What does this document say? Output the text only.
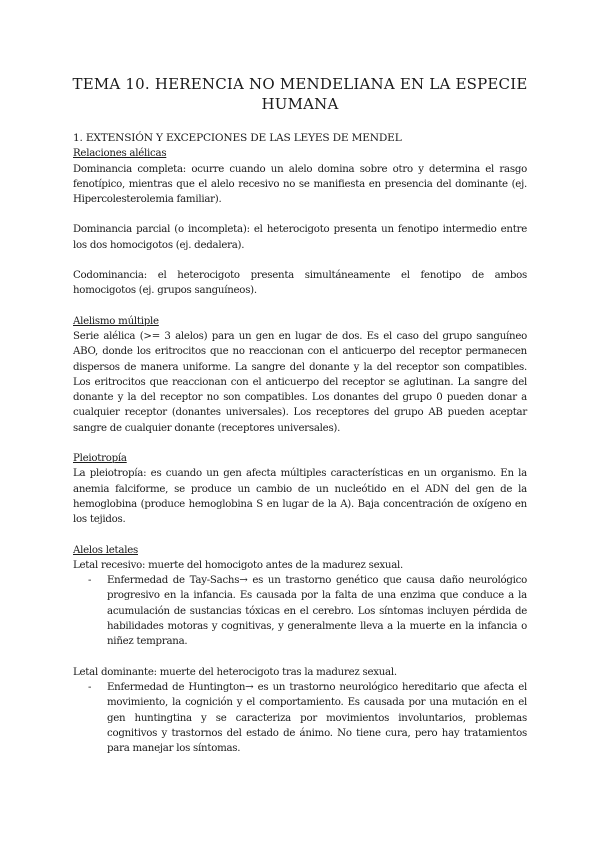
TEMA 10. HERENCIA NO MENDELIANA EN LA ESPECIE HUMANA

1. EXTENSIÓN Y EXCEPCIONES DE LAS LEYES DE MENDEL

Relaciones alélicas

Dominancia completa: ocurre cuando un alelo domina sobre otro y determina el rasgo fenotípico, mientras que el alelo recesivo no se manifiesta en presencia del dominante (ej. Hipercolesterolemia familiar).

Dominancia parcial (o incompleta): el heterocigoto presenta un fenotipo intermedio entre los dos homocigotos (ej. dedalera).

Codominancia: el heterocigoto presenta simultáneamente el fenotipo de ambos homocigotos (ej. grupos sanguíneos).

Alelismo múltiple

Serie alélica (>= 3 alelos) para un gen en lugar de dos. Es el caso del grupo sanguíneo ABO, donde los eritrocitos que no reaccionan con el anticuerpo del receptor permanecen dispersos de manera uniforme. La sangre del donante y la del receptor son compatibles. Los eritrocitos que reaccionan con el anticuerpo del receptor se aglutinan. La sangre del donante y la del receptor no son compatibles. Los donantes del grupo 0 pueden donar a cualquier receptor (donantes universales). Los receptores del grupo AB pueden aceptar sangre de cualquier donante (receptores universales).

Pleiotropía

La pleiotropía: es cuando un gen afecta múltiples características en un organismo. En la anemia falciforme, se produce un cambio de un nucleótido en el ADN del gen de la hemoglobina (produce hemoglobina S en lugar de la A). Baja concentración de oxígeno en los tejidos.

Alelos letales

Letal recesivo: muerte del homocigoto antes de la madurez sexual.

- Enfermedad de Tay-Sachs→ es un trastorno genético que causa daño neurológico progresivo en la infancia. Es causada por la falta de una enzima que conduce a la acumulación de sustancias tóxicas en el cerebro. Los síntomas incluyen pérdida de habilidades motoras y cognitivas, y generalmente lleva a la muerte en la infancia o niñez temprana.

Letal dominante: muerte del heterocigoto tras la madurez sexual.

- Enfermedad de Huntington→ es un trastorno neurológico hereditario que afecta el movimiento, la cognición y el comportamiento. Es causada por una mutación en el gen huntingtina y se caracteriza por movimientos involuntarios, problemas cognitivos y trastornos del estado de ánimo. No tiene cura, pero hay tratamientos para manejar los síntomas.
